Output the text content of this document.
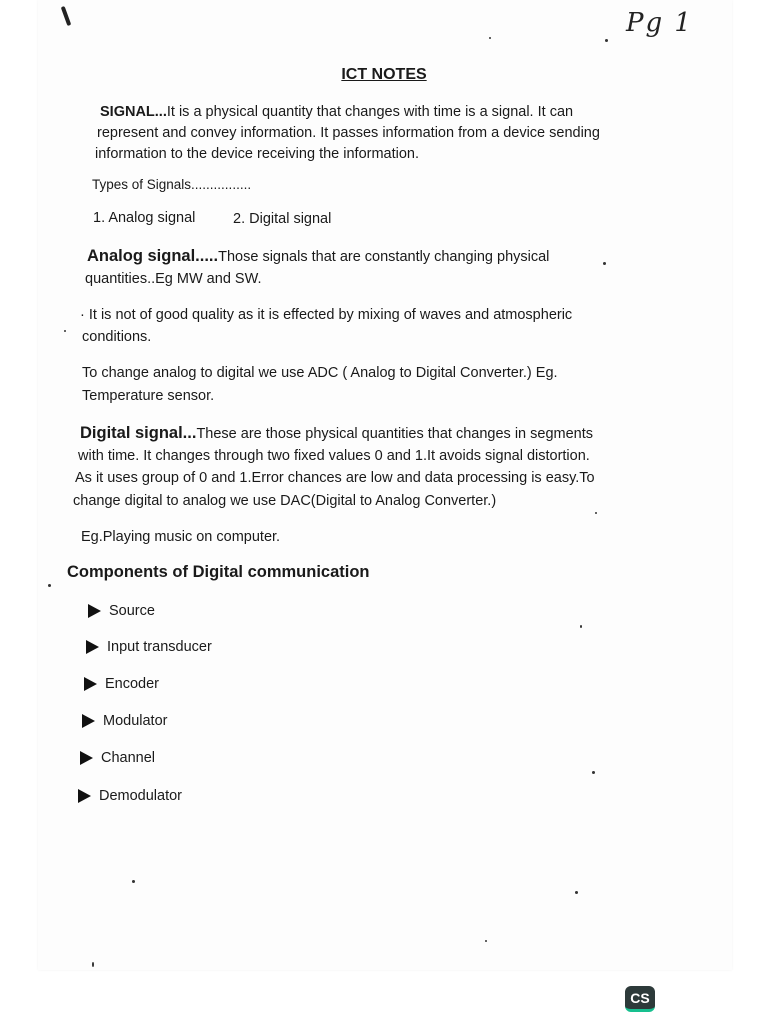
Pg 1
ICT NOTES
SIGNAL...It is a physical quantity that changes with time is a signal. It can
represent and convey information. It passes information from a device sending
information to the device receiving the information.
Types of Signals................
1. Analog signal	2. Digital signal
Analog signal.....Those signals that are constantly changing physical
quantities..Eg MW and SW.
· It is not of good quality as it is effected by mixing of waves and atmospheric
conditions.
To change analog to digital we use ADC ( Analog to Digital Converter.) Eg.
Temperature sensor.
Digital signal...These are those physical quantities that changes in segments
with time. It changes through two fixed values 0 and 1.It avoids signal distortion.
As it uses group of 0 and 1.Error chances are low and data processing is easy.To
change digital to analog we use DAC(Digital to Analog Converter.)
Eg.Playing music on computer.
Components of Digital communication
Source
Input transducer
Encoder
Modulator
Channel
Demodulator
CS
